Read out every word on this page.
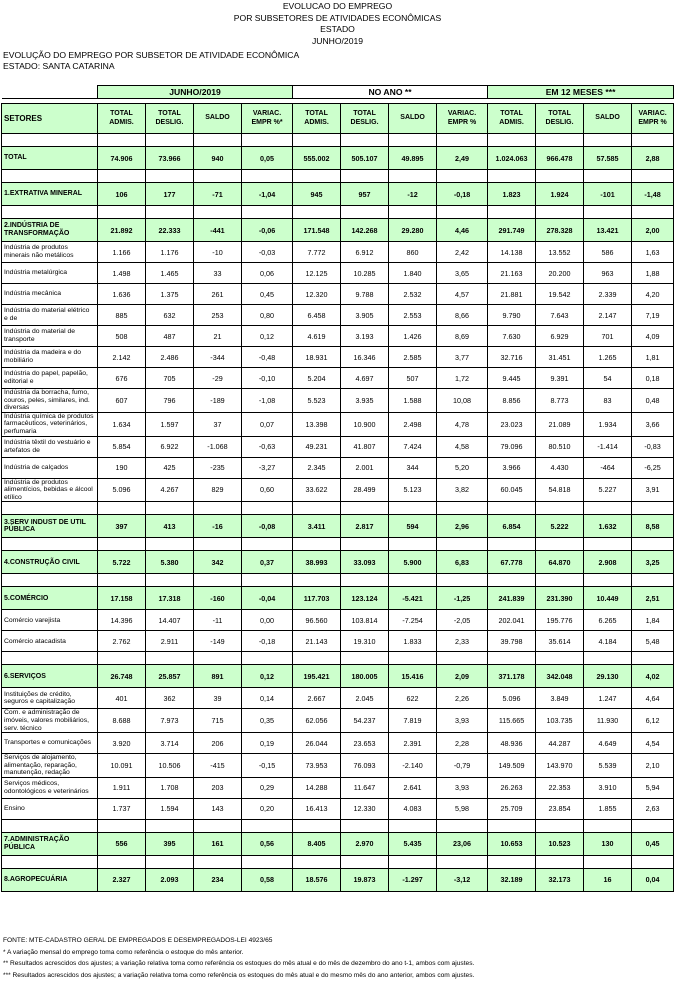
EVOLUCAO DO EMPREGO
POR SUBSETORES DE ATIVIDADES ECONÔMICAS
ESTADO
JUNHO/2019
EVOLUÇÃO DO EMPREGO POR SUBSETOR DE ATIVIDADE ECONÔMICA
ESTADO: SANTA CATARINA
	JUNHO/2019				NO ANO **				EM 12 MESES ***			

SETORES	TOTAL ADMIS.	TOTAL DESLIG.	SALDO	VARIAC. EMPR %*	TOTAL ADMIS.	TOTAL DESLIG.	SALDO	VARIAC. EMPR %	TOTAL ADMIS.	TOTAL DESLIG.	SALDO	VARIAC. EMPR %

TOTAL	74.906	73.966	940	0,05	555.002	505.107	49.895	2,49	1.024.063	966.478	57.585	2,88

1.EXTRATIVA MINERAL	106	177	-71	-1,04	945	957	-12	-0,18	1.823	1.924	-101	-1,48

2.INDÚSTRIA DE TRANSFORMAÇÃO	21.892	22.333	-441	-0,06	171.548	142.268	29.280	4,46	291.749	278.328	13.421	2,00
Indústria de produtos minerais não metálicos	1.166	1.176	-10	-0,03	7.772	6.912	860	2,42	14.138	13.552	586	1,63
Indústria metalúrgica	1.498	1.465	33	0,06	12.125	10.285	1.840	3,65	21.163	20.200	963	1,88
Indústria mecânica	1.636	1.375	261	0,45	12.320	9.788	2.532	4,57	21.881	19.542	2.339	4,20
Indústria do material elétrico e de	885	632	253	0,80	6.458	3.905	2.553	8,66	9.790	7.643	2.147	7,19
Indústria do material de transporte	508	487	21	0,12	4.619	3.193	1.426	8,69	7.630	6.929	701	4,09
Indústria da madeira e do mobiliário	2.142	2.486	-344	-0,48	18.931	16.346	2.585	3,77	32.716	31.451	1.265	1,81
Indústria do papel, papelão, editorial e	676	705	-29	-0,10	5.204	4.697	507	1,72	9.445	9.391	54	0,18
Indústria da borracha, fumo, couros, peles, similares, ind. diversas	607	796	-189	-1,08	5.523	3.935	1.588	10,08	8.856	8.773	83	0,48
Indústria química de produtos farmacêuticos, veterinários, perfumaria	1.634	1.597	37	0,07	13.398	10.900	2.498	4,78	23.023	21.089	1.934	3,66
Indústria têxtil do vestuário e artefatos de	5.854	6.922	-1.068	-0,63	49.231	41.807	7.424	4,58	79.096	80.510	-1.414	-0,83
Indústria de calçados	190	425	-235	-3,27	2.345	2.001	344	5,20	3.966	4.430	-464	-6,25
Indústria de produtos alimentícios, bebidas e álcool etílico	5.096	4.267	829	0,60	33.622	28.499	5.123	3,82	60.045	54.818	5.227	3,91

3.SERV INDUST DE UTIL PÚBLICA	397	413	-16	-0,08	3.411	2.817	594	2,96	6.854	5.222	1.632	8,58

4.CONSTRUÇÃO CIVIL	5.722	5.380	342	0,37	38.993	33.093	5.900	6,83	67.778	64.870	2.908	3,25

5.COMÉRCIO	17.158	17.318	-160	-0,04	117.703	123.124	-5.421	-1,25	241.839	231.390	10.449	2,51
Comércio varejista	14.396	14.407	-11	0,00	96.560	103.814	-7.254	-2,05	202.041	195.776	6.265	1,84
Comércio atacadista	2.762	2.911	-149	-0,18	21.143	19.310	1.833	2,33	39.798	35.614	4.184	5,48

6.SERVIÇOS	26.748	25.857	891	0,12	195.421	180.005	15.416	2,09	371.178	342.048	29.130	4,02
Instituições de crédito, seguros e capitalização	401	362	39	0,14	2.667	2.045	622	2,26	5.096	3.849	1.247	4,64
Com. e administração de imóveis, valores mobiliários, serv. técnico	8.688	7.973	715	0,35	62.056	54.237	7.819	3,93	115.665	103.735	11.930	6,12
Transportes e comunicações	3.920	3.714	206	0,19	26.044	23.653	2.391	2,28	48.936	44.287	4.649	4,54
Serviços de alojamento, alimentação, reparação, manutenção, redação	10.091	10.506	-415	-0,15	73.953	76.093	-2.140	-0,79	149.509	143.970	5.539	2,10
Serviços médicos, odontológicos e veterinários	1.911	1.708	203	0,29	14.288	11.647	2.641	3,93	26.263	22.353	3.910	5,94
Ensino	1.737	1.594	143	0,20	16.413	12.330	4.083	5,98	25.709	23.854	1.855	2,63

7.ADMINISTRAÇÃO PÚBLICA	556	395	161	0,56	8.405	2.970	5.435	23,06	10.653	10.523	130	0,45

8.AGROPECUÁRIA	2.327	2.093	234	0,58	18.576	19.873	-1.297	-3,12	32.189	32.173	16	0,04
FONTE: MTE-CADASTRO GERAL DE EMPREGADOS E DESEMPREGADOS-LEI 4923/65
* A variação mensal do emprego toma como referência o estoque do mês anterior.
** Resultados acrescidos dos ajustes; a variação relativa toma como referência os estoques do mês atual e do mês de dezembro do ano t-1, ambos com ajustes.
*** Resultados acrescidos dos ajustes; a variação relativa toma como referência os estoques do mês atual e do mesmo mês do ano anterior, ambos com ajustes.
